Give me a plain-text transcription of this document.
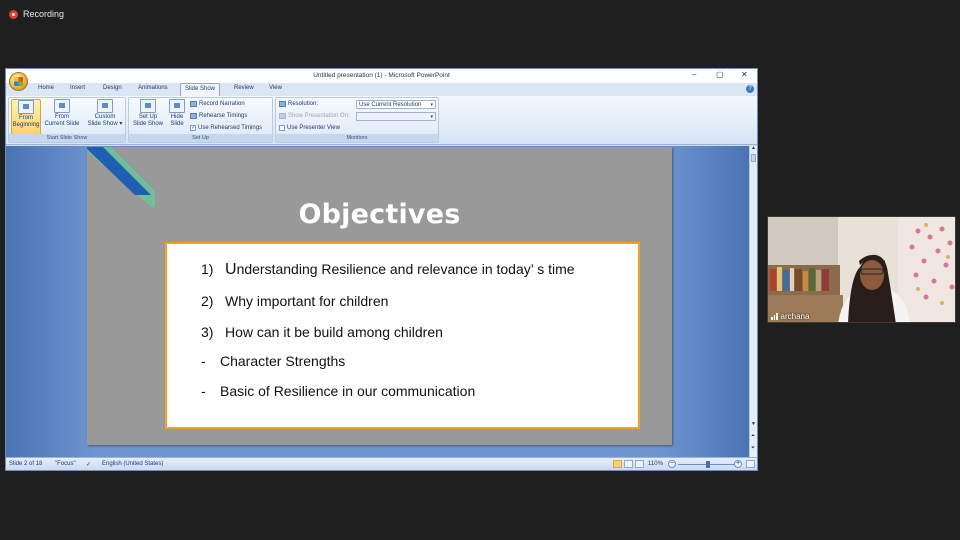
Recording
Untitled presentation (1) - Microsoft PowerPoint	– ▢ ✕
Home	Insert	Design	Animations	Slide Show	Review	View	?
From
Beginning
From
Current Slide
Custom
Slide Show ▾
Start Slide Show
Set Up
Slide Show
Hide
Slide
Record Narration
Rehearse Timings
✓ Use Rehearsed Timings
Set Up
Resolution:	Use Current Resolution ▾
Show Presentation On:	▾
Use Presenter View
Monitors
▲
▼
⏶
⏷
Objectives
1) Understanding Resilience and relevance in today’ s time
2) Why important for children
3) How can it be build among children
- Character Strengths
- Basic of Resilience in our communication
Slide 2 of 18 "Focus" ✓ English (United States)	110% −	+
archana
